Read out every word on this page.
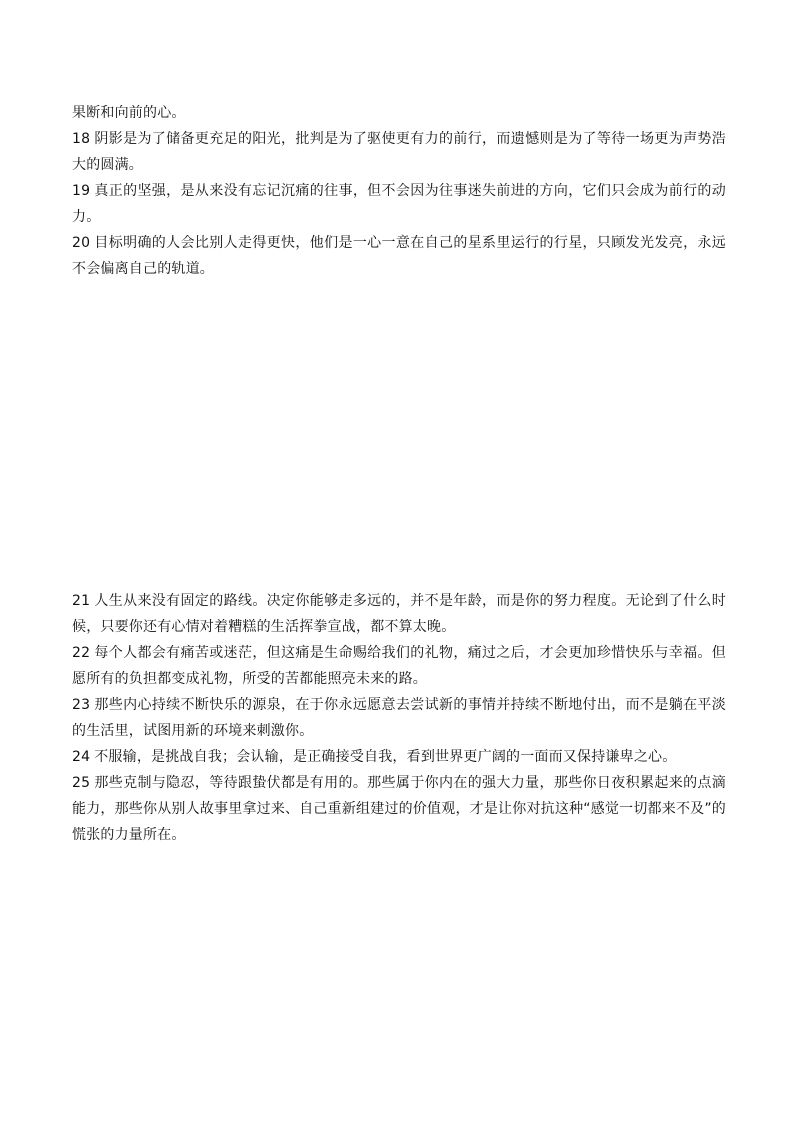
果断和向前的心。

18 阴影是为了储备更充足的阳光，批判是为了驱使更有力的前行，而遗憾则是为了等待一场更为声势浩大的圆满。

19 真正的坚强，是从来没有忘记沉痛的往事，但不会因为往事迷失前进的方向，它们只会成为前行的动力。

20 目标明确的人会比别人走得更快，他们是一心一意在自己的星系里运行的行星，只顾发光发亮，永远不会偏离自己的轨道。

21 人生从来没有固定的路线。决定你能够走多远的，并不是年龄，而是你的努力程度。无论到了什么时候，只要你还有心情对着糟糕的生活挥拳宣战，都不算太晚。

22 每个人都会有痛苦或迷茫，但这痛是生命赐给我们的礼物，痛过之后，才会更加珍惜快乐与幸福。但愿所有的负担都变成礼物，所受的苦都能照亮未来的路。

23 那些内心持续不断快乐的源泉，在于你永远愿意去尝试新的事情并持续不断地付出，而不是躺在平淡的生活里，试图用新的环境来刺激你。

24 不服输，是挑战自我；会认输，是正确接受自我，看到世界更广阔的一面而又保持谦卑之心。

25 那些克制与隐忍，等待跟蛰伏都是有用的。那些属于你内在的强大力量，那些你日夜积累起来的点滴能力，那些你从别人故事里拿过来、自己重新组建过的价值观，才是让你对抗这种“感觉一切都来不及”的慌张的力量所在。
